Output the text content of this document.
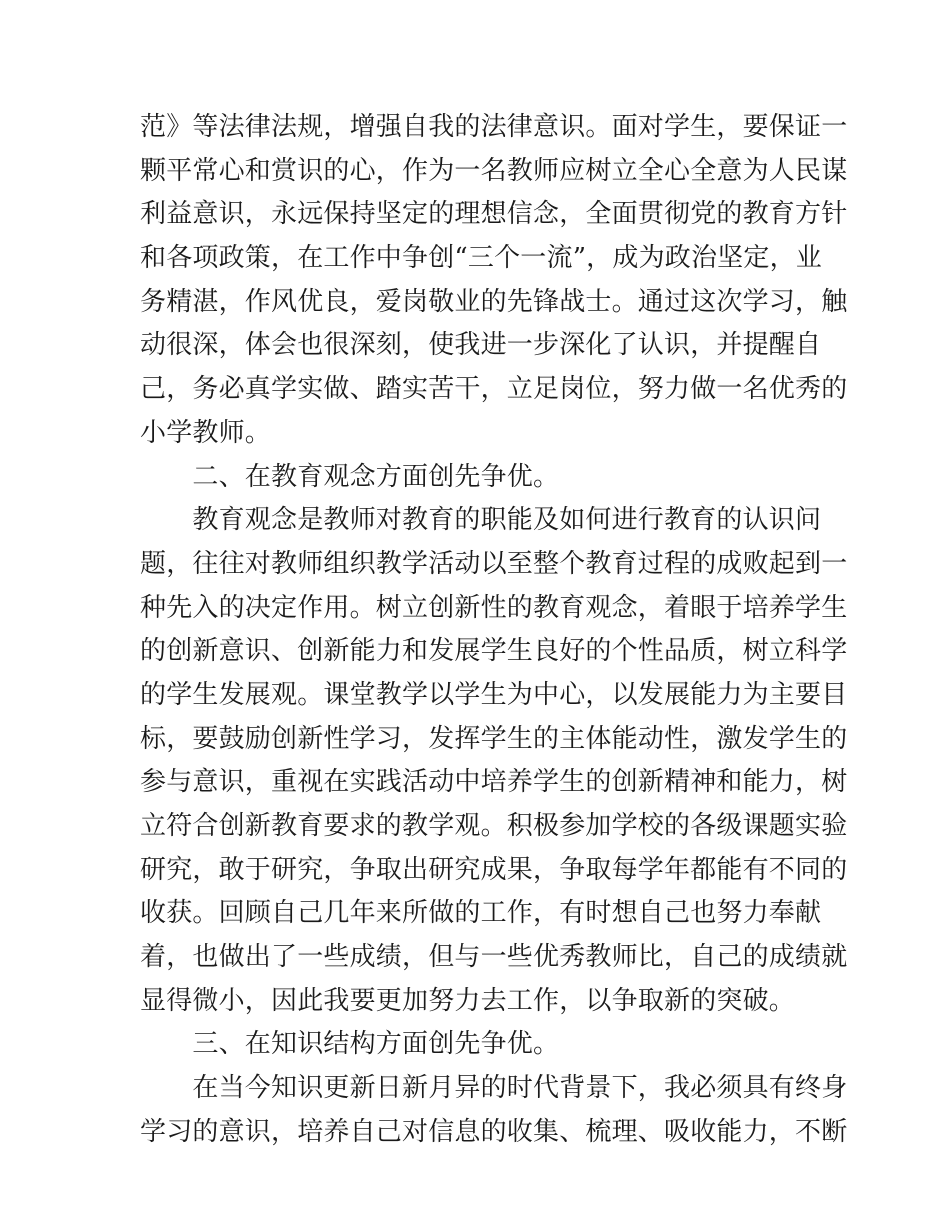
范》等法律法规，增强自我的法律意识。面对学生，要保证一
颗平常心和赏识的心，作为一名教师应树立全心全意为人民谋
利益意识，永远保持坚定的理想信念，全面贯彻党的教育方针
和各项政策，在工作中争创“三个一流”，成为政治坚定，业
务精湛，作风优良，爱岗敬业的先锋战士。通过这次学习，触
动很深，体会也很深刻，使我进一步深化了认识，并提醒自
己，务必真学实做、踏实苦干，立足岗位，努力做一名优秀的
小学教师。
　　二、在教育观念方面创先争优。
　　教育观念是教师对教育的职能及如何进行教育的认识问
题，往往对教师组织教学活动以至整个教育过程的成败起到一
种先入的决定作用。树立创新性的教育观念，着眼于培养学生
的创新意识、创新能力和发展学生良好的个性品质，树立科学
的学生发展观。课堂教学以学生为中心，以发展能力为主要目
标，要鼓励创新性学习，发挥学生的主体能动性，激发学生的
参与意识，重视在实践活动中培养学生的创新精神和能力，树
立符合创新教育要求的教学观。积极参加学校的各级课题实验
研究，敢于研究，争取出研究成果，争取每学年都能有不同的
收获。回顾自己几年来所做的工作，有时想自己也努力奉献
着，也做出了一些成绩，但与一些优秀教师比，自己的成绩就
显得微小，因此我要更加努力去工作，以争取新的突破。
　　三、在知识结构方面创先争优。
　　在当今知识更新日新月异的时代背景下，我必须具有终身
学习的意识，培养自己对信息的收集、梳理、吸收能力，不断
